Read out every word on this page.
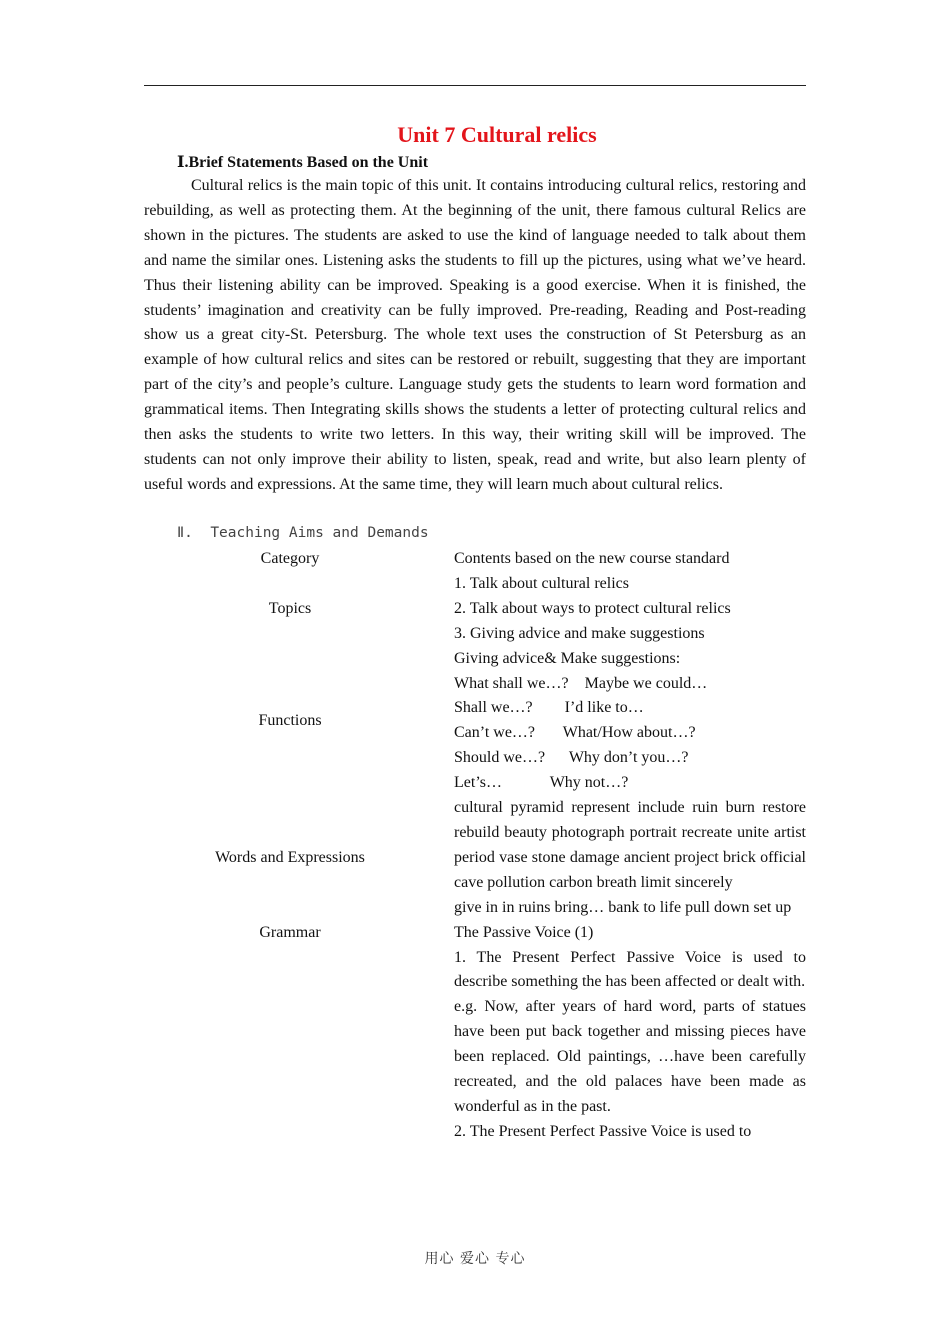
Unit 7 Cultural relics
Ⅰ.Brief Statements Based on the Unit
Cultural relics is the main topic of this unit. It contains introducing cultural relics, restoring and rebuilding, as well as protecting them. At the beginning of the unit, there famous cultural Relics are shown in the pictures. The students are asked to use the kind of language needed to talk about them and name the similar ones. Listening asks the students to fill up the pictures, using what we’ve heard. Thus their listening ability can be improved. Speaking is a good exercise. When it is finished, the students’ imagination and creativity can be fully improved. Pre-reading, Reading and Post-reading show us a great city-St. Petersburg. The whole text uses the construction of St Petersburg as an example of how cultural relics and sites can be restored or rebuilt, suggesting that they are important part of the city’s and people’s culture. Language study gets the students to learn word formation and grammatical items. Then Integrating skills shows the students a letter of protecting cultural relics and then asks the students to write two letters. In this way, their writing skill will be improved. The students can not only improve their ability to listen, speak, read and write, but also learn plenty of useful words and expressions. At the same time, they will learn much about cultural relics.
Ⅱ.  Teaching Aims and Demands
Category	Contents based on the new course standard
Topics
1. Talk about cultural relics
2. Talk about ways to protect cultural relics
3. Giving advice and make suggestions
Functions
Giving advice& Make suggestions:
What shall we…?    Maybe we could…
Shall we…?        I’d like to…
Can’t we…?       What/How about…?
Should we…?      Why don’t you…?
Let’s…            Why not…?
Words and Expressions
cultural pyramid represent include ruin burn restore rebuild beauty photograph portrait recreate unite artist period vase stone damage ancient project brick official cave pollution carbon breath limit sincerely
give in in ruins bring… bank to life pull down set up
Grammar	The Passive Voice (1)
1. The Present Perfect Passive Voice is used to describe something the has been affected or dealt with.
e.g. Now, after years of hard word, parts of statues have been put back together and missing pieces have been replaced. Old paintings, …have been carefully recreated, and the old palaces have been made as wonderful as in the past.
2. The Present Perfect Passive Voice is used to
用心 爱心 专心
